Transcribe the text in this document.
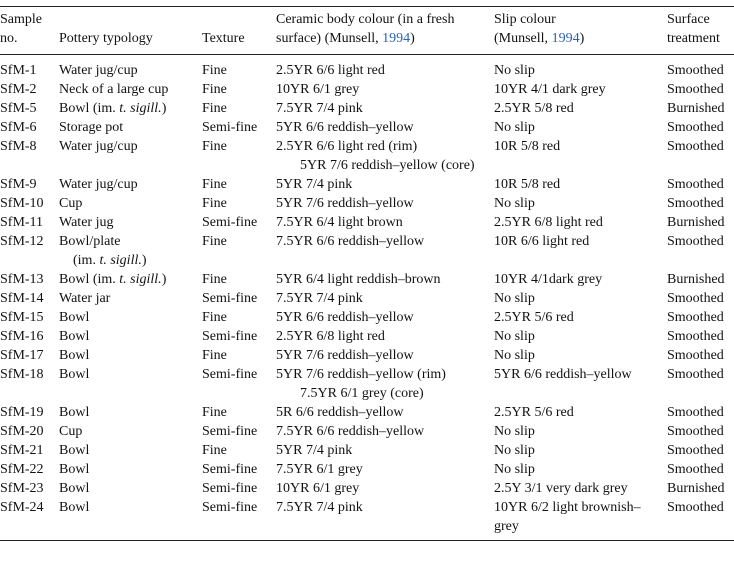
Sample
no.	Pottery typology	Texture	Ceramic body colour (in a fresh surface) (Munsell, 1994)	Slip colour
(Munsell, 1994)	Surface
treatment

SfM-1	Water jug/cup	Fine	2.5YR 6/6 light red	No slip	Smoothed
SfM-2	Neck of a large cup	Fine	10YR 6/1 grey	10YR 4/1 dark grey	Smoothed
SfM-5	Bowl (im. t. sigill.)	Fine	7.5YR 7/4 pink	2.5YR 5/8 red	Burnished
SfM-6	Storage pot	Semi-fine	5YR 6/6 reddish–yellow	No slip	Smoothed
SfM-8	Water jug/cup	Fine	2.5YR 6/6 light red (rim)
5YR 7/6 reddish–yellow (core)	10R 5/8 red	Smoothed
SfM-9	Water jug/cup	Fine	5YR 7/4 pink	10R 5/8 red	Smoothed
SfM-10	Cup	Fine	5YR 7/6 reddish–yellow	No slip	Smoothed
SfM-11	Water jug	Semi-fine	7.5YR 6/4 light brown	2.5YR 6/8 light red	Burnished
SfM-12	Bowl/plate
(im. t. sigill.)	Fine	7.5YR 6/6 reddish–yellow	10R 6/6 light red	Smoothed
SfM-13	Bowl (im. t. sigill.)	Fine	5YR 6/4 light reddish–brown	10YR 4/1dark grey	Burnished
SfM-14	Water jar	Semi-fine	7.5YR 7/4 pink	No slip	Smoothed
SfM-15	Bowl	Fine	5YR 6/6 reddish–yellow	2.5YR 5/6 red	Smoothed
SfM-16	Bowl	Semi-fine	2.5YR 6/8 light red	No slip	Smoothed
SfM-17	Bowl	Fine	5YR 7/6 reddish–yellow	No slip	Smoothed
SfM-18	Bowl	Semi-fine	5YR 7/6 reddish–yellow (rim)
7.5YR 6/1 grey (core)	5YR 6/6 reddish–yellow	Smoothed
SfM-19	Bowl	Fine	5R 6/6 reddish–yellow	2.5YR 5/6 red	Smoothed
SfM-20	Cup	Semi-fine	7.5YR 6/6 reddish–yellow	No slip	Smoothed
SfM-21	Bowl	Fine	5YR 7/4 pink	No slip	Smoothed
SfM-22	Bowl	Semi-fine	7.5YR 6/1 grey	No slip	Smoothed
SfM-23	Bowl	Semi-fine	10YR 6/1 grey	2.5Y 3/1 very dark grey	Burnished
SfM-24	Bowl	Semi-fine	7.5YR 7/4 pink	10YR 6/2 light brownish–
grey	Smoothed
